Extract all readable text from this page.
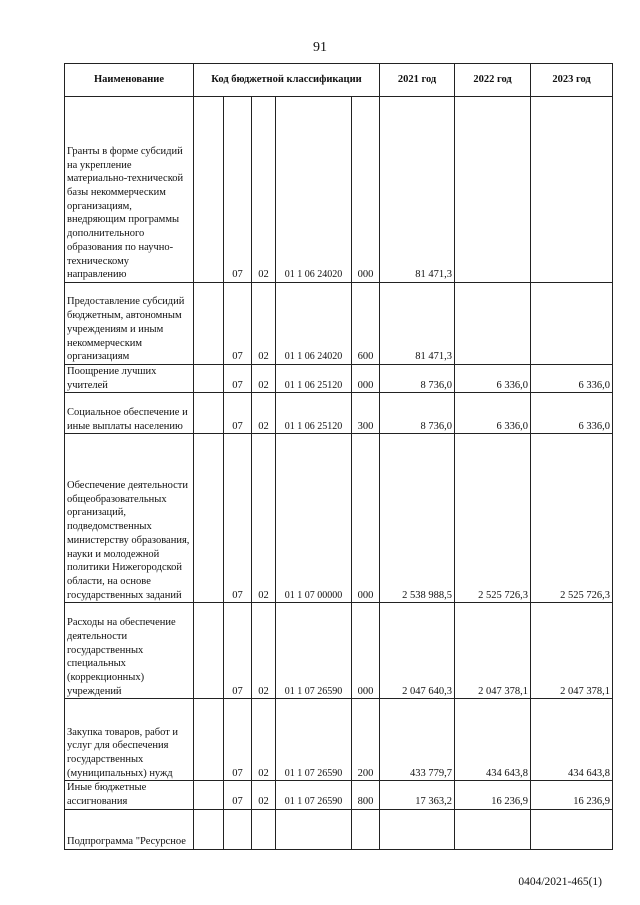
91
Наименование	Код бюджетной классификации					2021 год	2022 год	2023 год
Гранты в форме субсидий на укрепление материально-технической базы некоммерческим организациям, внедряющим программы дополнительного образования по научно-техническому направлению		07	02	01 1 06 24020	000	81 471,3		
Предоставление субсидий бюджетным, автономным учреждениям и иным некоммерческим организациям		07	02	01 1 06 24020	600	81 471,3		
Поощрение лучших учителей		07	02	01 1 06 25120	000	8 736,0	6 336,0	6 336,0
Социальное обеспечение и иные выплаты населению		07	02	01 1 06 25120	300	8 736,0	6 336,0	6 336,0
Обеспечение деятельности общеобразовательных организаций, подведомственных министерству образования, науки и молодежной политики Нижегородской области, на основе государственных заданий		07	02	01 1 07 00000	000	2 538 988,5	2 525 726,3	2 525 726,3
Расходы на обеспечение деятельности государственных специальных (коррекционных) учреждений		07	02	01 1 07 26590	000	2 047 640,3	2 047 378,1	2 047 378,1
Закупка товаров, работ и услуг для обеспечения государственных (муниципальных) нужд		07	02	01 1 07 26590	200	433 779,7	434 643,8	434 643,8
Иные бюджетные ассигнования		07	02	01 1 07 26590	800	17 363,2	16 236,9	16 236,9
Подпрограмма "Ресурсное								
0404/2021-465(1)
